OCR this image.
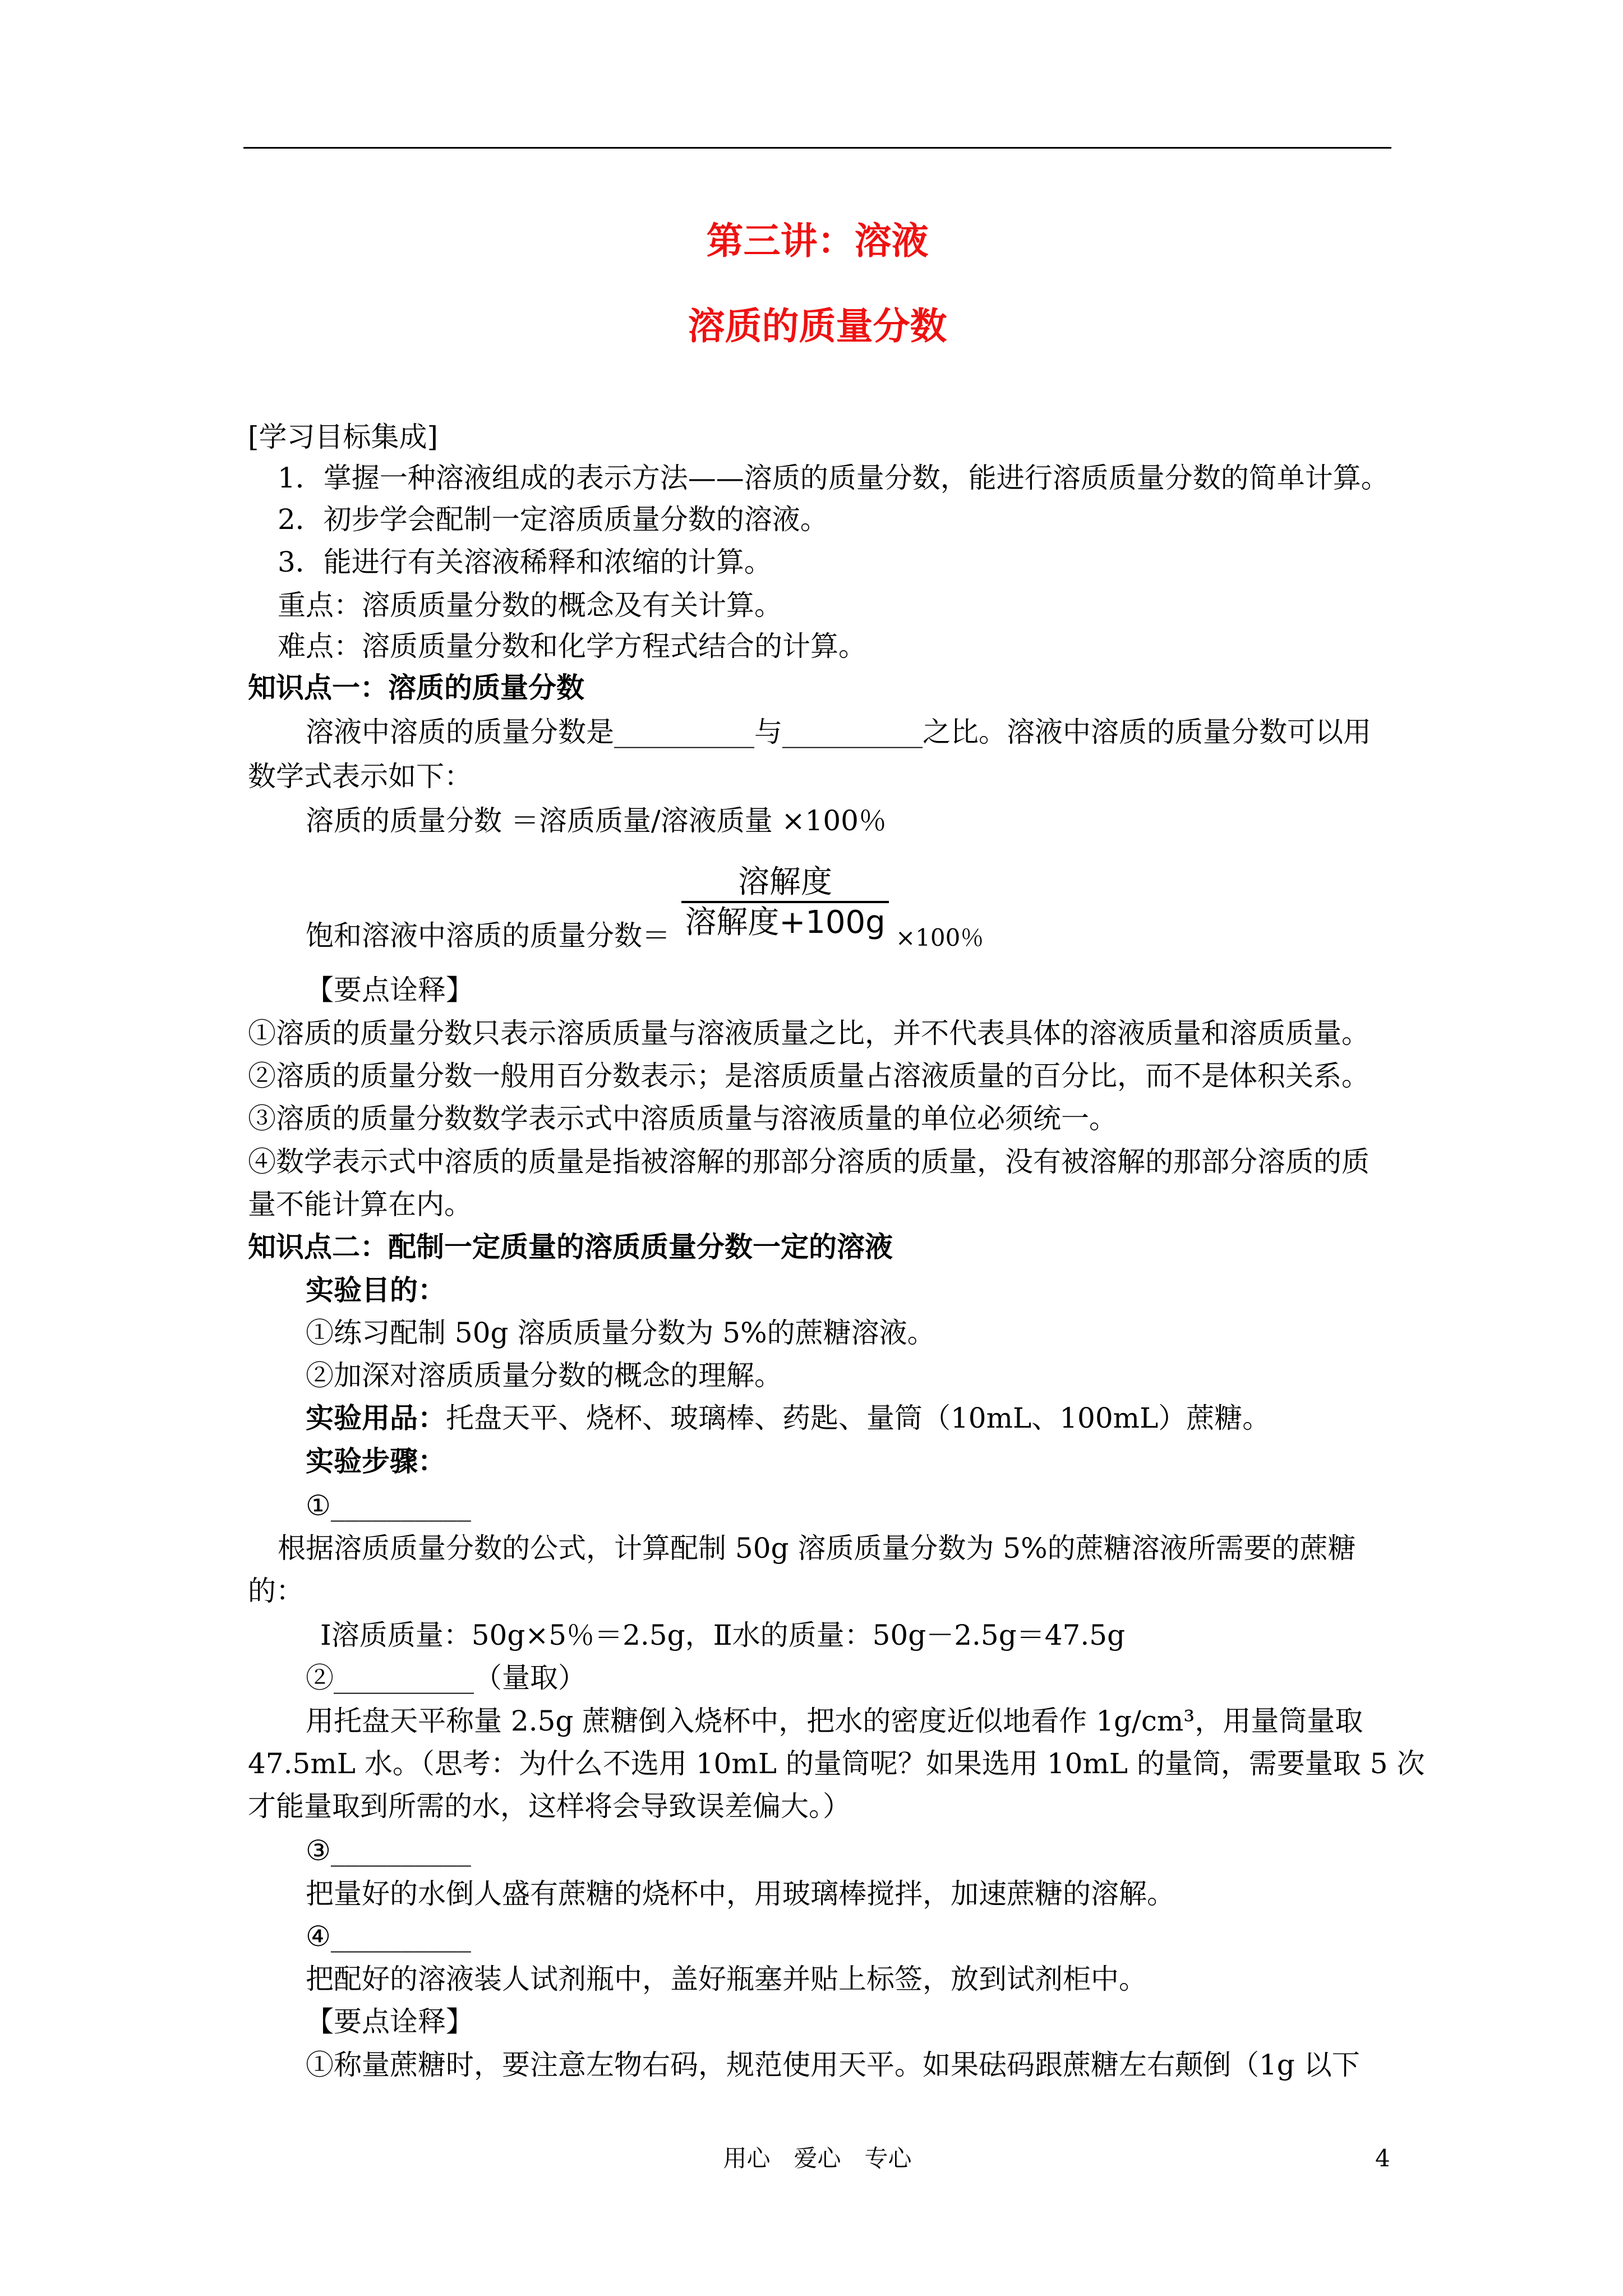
第三讲：溶液
溶质的质量分数
[学习目标集成]
1．掌握一种溶液组成的表示方法——溶质的质量分数，能进行溶质质量分数的简单计算。
2．初步学会配制一定溶质质量分数的溶液。
3．能进行有关溶液稀释和浓缩的计算。
重点：溶质质量分数的概念及有关计算。
难点：溶质质量分数和化学方程式结合的计算。
知识点一：溶质的质量分数
溶液中溶质的质量分数是__________与__________之比。溶液中溶质的质量分数可以用
数学式表示如下：
溶质的质量分数 ＝溶质质量/溶液质量 ×100％
饱和溶液中溶质的质量分数＝
溶解度
溶解度+100g ×100％
【要点诠释】
①溶质的质量分数只表示溶质质量与溶液质量之比，并不代表具体的溶液质量和溶质质量。
②溶质的质量分数一般用百分数表示；是溶质质量占溶液质量的百分比，而不是体积关系。
③溶质的质量分数数学表示式中溶质质量与溶液质量的单位必须统一。
④数学表示式中溶质的质量是指被溶解的那部分溶质的质量，没有被溶解的那部分溶质的质
量不能计算在内。
知识点二：配制一定质量的溶质质量分数一定的溶液
实验目的：
①练习配制 50g 溶质质量分数为 5%的蔗糖溶液。
②加深对溶质质量分数的概念的理解。
实验用品：托盘天平、烧杯、玻璃棒、药匙、量筒（10mL、100mL）蔗糖。
实验步骤：
①__________
根据溶质质量分数的公式，计算配制 50g 溶质质量分数为 5%的蔗糖溶液所需要的蔗糖
的：
Ⅰ溶质质量：50g×5％＝2.5g，Ⅱ水的质量：50g－2.5g＝47.5g
②__________（量取）
用托盘天平称量 2.5g 蔗糖倒入烧杯中，把水的密度近似地看作 1g/cm³，用量筒量取
47.5mL 水。（思考：为什么不选用 10mL 的量筒呢？如果选用 10mL 的量筒，需要量取 5 次
才能量取到所需的水，这样将会导致误差偏大。）
③__________
把量好的水倒人盛有蔗糖的烧杯中，用玻璃棒搅拌，加速蔗糖的溶解。
④__________
把配好的溶液装人试剂瓶中，盖好瓶塞并贴上标签，放到试剂柜中。
【要点诠释】
①称量蔗糖时，要注意左物右码，规范使用天平。如果砝码跟蔗糖左右颠倒（1g 以下
用心　爱心　专心	4
